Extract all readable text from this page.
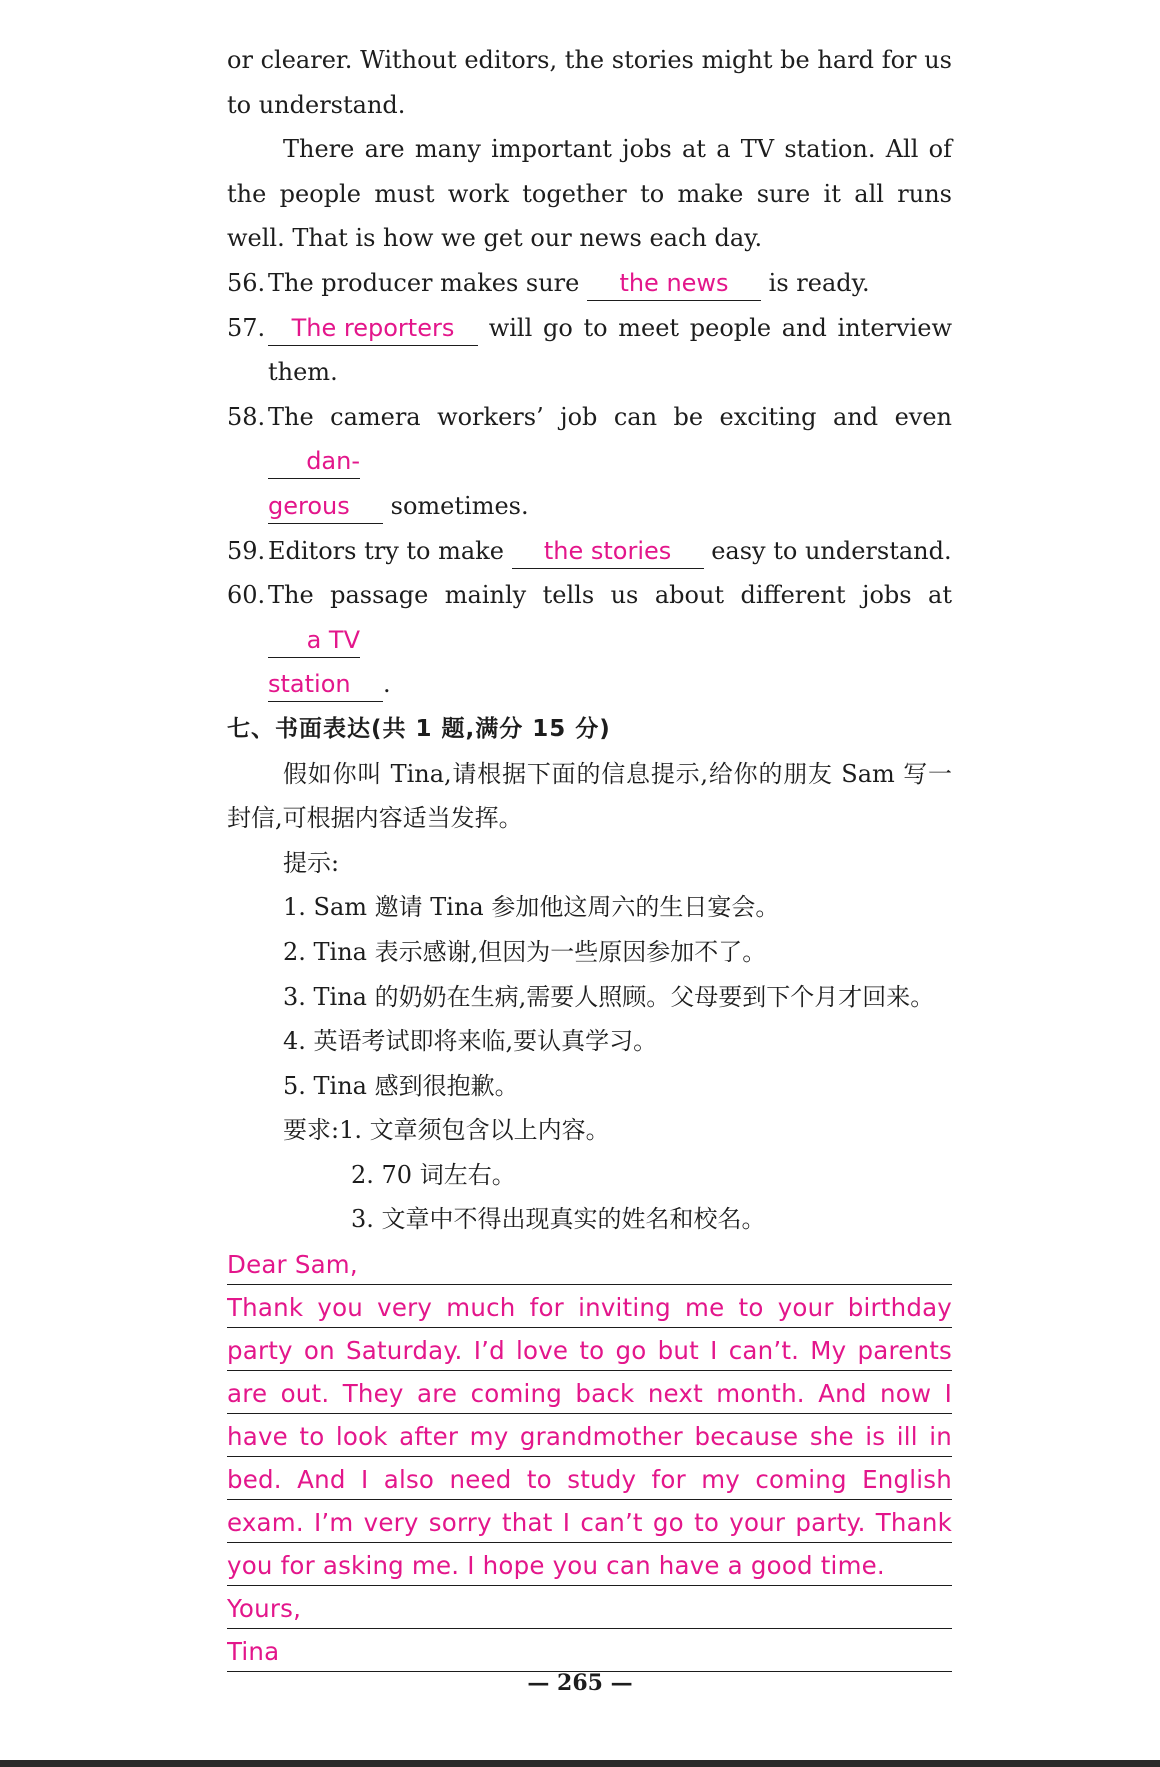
or clearer. Without editors, the stories might be hard for us to understand.

There are many important jobs at a TV station. All of the people must work together to make sure it all runs well. That is how we get our news each day.

56. The producer makes sure the news is ready.

57. The reporters will go to meet people and interview them.

58. The camera workers’ job can be exciting and even dan-
gerous sometimes.

59. Editors try to make the stories easy to understand.

60. The passage mainly tells us about different jobs at a TV
station .

七、书面表达(共 1 题,满分 15 分)

假如你叫 Tina,请根据下面的信息提示,给你的朋友 Sam 写一封信,可根据内容适当发挥。

提示:

1. Sam 邀请 Tina 参加他这周六的生日宴会。

2. Tina 表示感谢,但因为一些原因参加不了。

3. Tina 的奶奶在生病,需要人照顾。父母要到下个月才回来。

4. 英语考试即将来临,要认真学习。

5. Tina 感到很抱歉。

要求:1. 文章须包含以上内容。

2. 70 词左右。

3. 文章中不得出现真实的姓名和校名。

Dear Sam,
Thank you very much for inviting me to your birthday
party on Saturday. I’d love to go but I can’t. My parents
are out. They are coming back next month. And now I
have to look after my grandmother because she is ill in
bed. And I also need to study for my coming English
exam. I’m very sorry that I can’t go to your party. Thank
you for asking me. I hope you can have a good time.
Yours,
Tina
— 265 —
